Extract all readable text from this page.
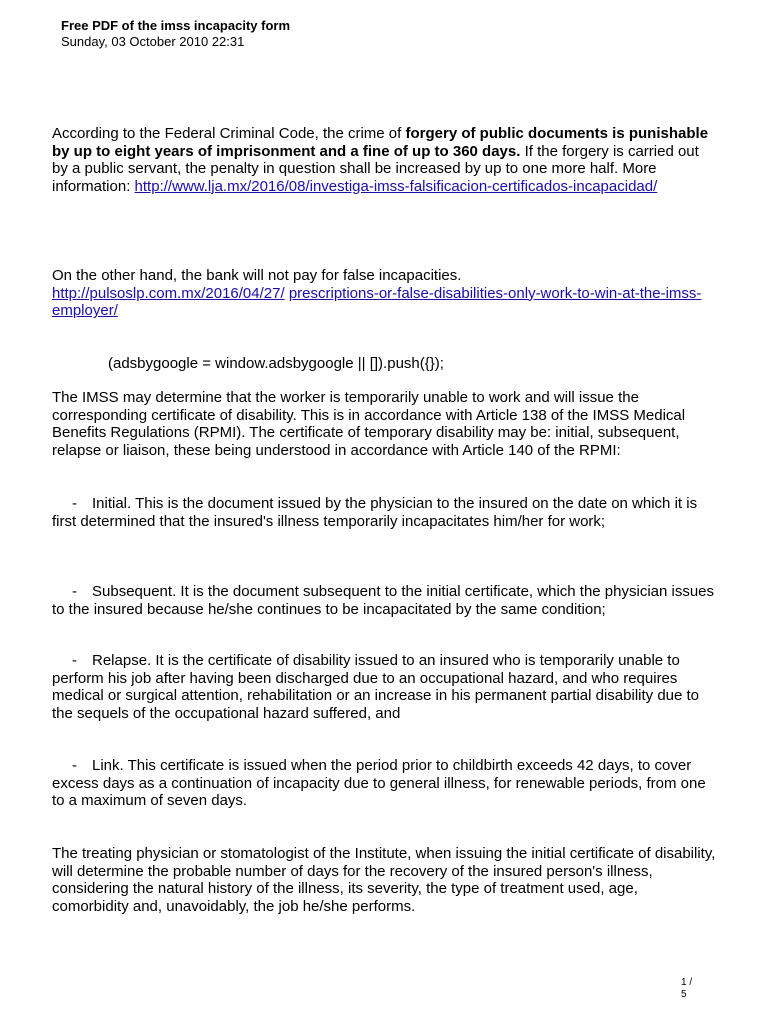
Free PDF of the imss incapacity form
Sunday, 03 October 2010 22:31

According to the Federal Criminal Code, the crime of forgery of public documents is punishable by up to eight years of imprisonment and a fine of up to 360 days. If the forgery is carried out by a public servant, the penalty in question shall be increased by up to one more half. More information: http://www.lja.mx/2016/08/investiga-imss-falsificacion-certificados-incapacidad/

On the other hand, the bank will not pay for false incapacities.
http://pulsoslp.com.mx/2016/04/27/ prescriptions-or-false-disabilities-only-work-to-win-at-the-imss-employer/

(adsbygoogle = window.adsbygoogle || []).push({});

The IMSS may determine that the worker is temporarily unable to work and will issue the corresponding certificate of disability. This is in accordance with Article 138 of the IMSS Medical Benefits Regulations (RPMI). The certificate of temporary disability may be: initial, subsequent, relapse or liaison, these being understood in accordance with Article 140 of the RPMI:

- Initial. This is the document issued by the physician to the insured on the date on which it is first determined that the insured's illness temporarily incapacitates him/her for work;

- Subsequent. It is the document subsequent to the initial certificate, which the physician issues to the insured because he/she continues to be incapacitated by the same condition;

- Relapse. It is the certificate of disability issued to an insured who is temporarily unable to perform his job after having been discharged due to an occupational hazard, and who requires medical or surgical attention, rehabilitation or an increase in his permanent partial disability due to the sequels of the occupational hazard suffered, and

- Link. This certificate is issued when the period prior to childbirth exceeds 42 days, to cover excess days as a continuation of incapacity due to general illness, for renewable periods, from one to a maximum of seven days.

The treating physician or stomatologist of the Institute, when issuing the initial certificate of disability, will determine the probable number of days for the recovery of the insured person's illness, considering the natural history of the illness, its severity, the type of treatment used, age, comorbidity and, unavoidably, the job he/she performs.

1 /
5
